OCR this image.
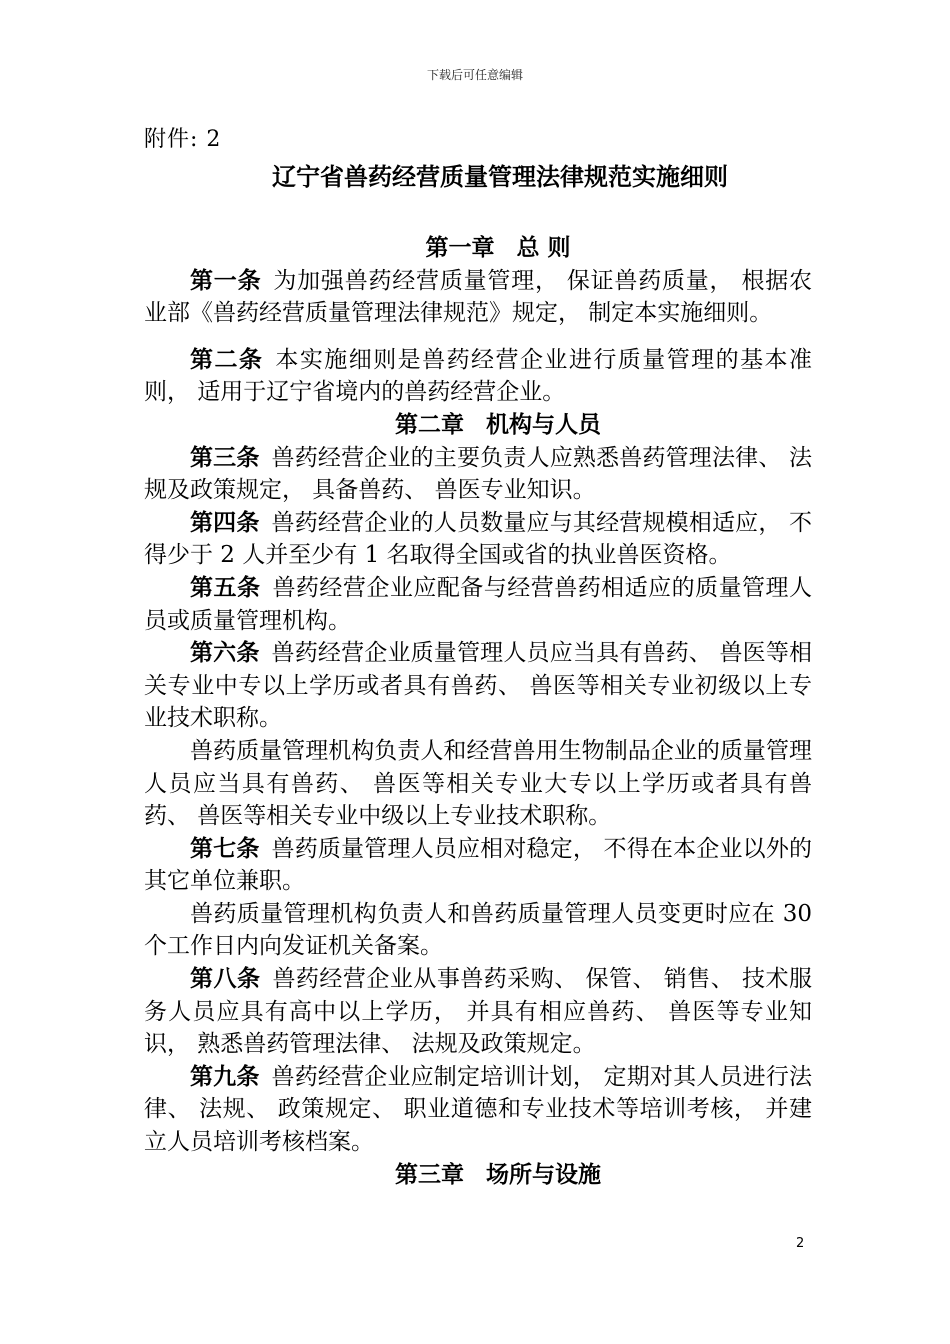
下载后可任意编辑
附件: 2
辽宁省兽药经营质量管理法律规范实施细则

第一章 总 则

第一条 为加强兽药经营质量管理， 保证兽药质量， 根据农业部《兽药经营质量管理法律规范》规定， 制定本实施细则。

第二条 本实施细则是兽药经营企业进行质量管理的基本准则， 适用于辽宁省境内的兽药经营企业。

第二章 机构与人员

第三条 兽药经营企业的主要负责人应熟悉兽药管理法律、 法规及政策规定， 具备兽药、 兽医专业知识。

第四条 兽药经营企业的人员数量应与其经营规模相适应， 不得少于 2 人并至少有 1 名取得全国或省的执业兽医资格。

第五条 兽药经营企业应配备与经营兽药相适应的质量管理人员或质量管理机构。

第六条 兽药经营企业质量管理人员应当具有兽药、 兽医等相关专业中专以上学历或者具有兽药、 兽医等相关专业初级以上专业技术职称。

兽药质量管理机构负责人和经营兽用生物制品企业的质量管理人员应当具有兽药、 兽医等相关专业大专以上学历或者具有兽药、 兽医等相关专业中级以上专业技术职称。

第七条 兽药质量管理人员应相对稳定， 不得在本企业以外的其它单位兼职。

兽药质量管理机构负责人和兽药质量管理人员变更时应在 30 个工作日内向发证机关备案。

第八条 兽药经营企业从事兽药采购、 保管、 销售、 技术服务人员应具有高中以上学历， 并具有相应兽药、 兽医等专业知识， 熟悉兽药管理法律、 法规及政策规定。

第九条 兽药经营企业应制定培训计划， 定期对其人员进行法律、 法规、 政策规定、 职业道德和专业技术等培训考核， 并建立人员培训考核档案。

第三章 场所与设施

2
